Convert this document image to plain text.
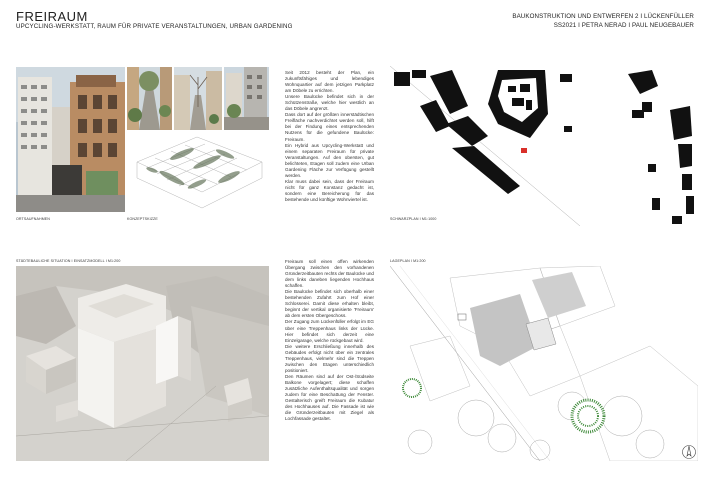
FREIRAUM
UPCYCLING-WERKSTATT, RAUM FÜR PRIVATE VERANSTALTUNGEN, URBAN GARDENING
BAUKONSTRUKTION UND ENTWERFEN 2 I LÜCKENFÜLLER
SS2021 I PETRA NERAD I PAUL NEUGEBAUER
ORTSAUFNAHMEN	KONZEPTSKIZZE

Seit 2012 besteht der Plan, ein zukunftsfähiges und lebendiges Wohnquartier auf dem jetzigen Parkplatz am Döbele zu errichten.

Unsere Baulücke befindet sich in der Schützenstraße, welche hier westlich an das Döbele angrenzt.

Dass dort auf der größten innerstädtischen Freifläche nachverdichtet werden soll, hilft bei der Findung eines entsprechenden Nutzens für die gefundene Baulücke: Freiraum.

Ein Hybrid aus Upcycling-Werkstatt und einem separaten Freiraum für private Veranstaltungen. Auf den obersten, gut belichteten, Etagen soll zudem eine Urban Gardening Fläche zur Verfügung gestellt werden.

Klar muss dabei sein, dass der Freiraum nicht für ganz Konstanz gedacht ist, sondern eine Bereicherung für das bestehende und künftige Wohnviertel ist.

SCHWARZPLAN I M1:1000
STÄDTEBAULICHE SITUATION I EINSATZMODELL I M1:200	Freiraum soll einen offen wirkenden Übergang zwischen den vorhandenen Gründerzeitbauten rechts der Baulücke und dem links daneben liegenden Hochhaus schaffen.

Die Baulücke befindet sich oberhalb einer bestehenden Zufahrt zum Hof einer Schlosserei. Damit diese erhalten bleibt, beginnt der vertikal organisierte 'Freiraum' ab dem ersten Obergeschoss.

Der Zugang zum Lückenfüller erfolgt im EG über eine Treppenhaus links der Lücke. Hier befindet sich derzeit eine Einzelgarage, welche rückgebaut wird.

Die weitere Erschließung innerhalb des Gebäudes erfolgt nicht über ein zentrales Treppenhaus, vielmehr sind die Treppen zwischen den Etagen unterschiedlich positioniert.

Den Räumen sind auf der Ost-/Südseite Balkone vorgelagert; diese schaffen zusätzliche Aufenthaltsqualität und sorgen zudem für eine Beschattung der Fenster. Gestalterisch greift Freiraum die Kubatur des Hochhauses auf. Die Fassade ist wie die Gründerzeitbauten mit Ziegel als Lochfassade gestaltet.

LAGEPLAN I M1:200
